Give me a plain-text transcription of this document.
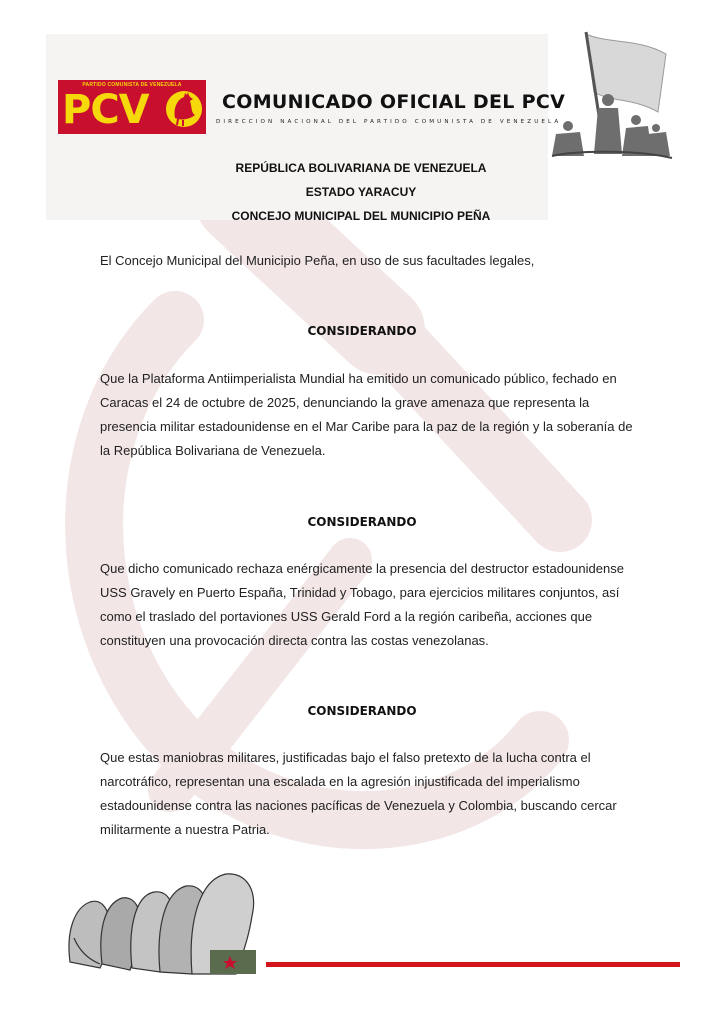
PARTIDO COMUNISTA DE VENEZUELA
PCV	COMUNICADO OFICIAL DEL PCV
DIRECCION NACIONAL DEL PARTIDO COMUNISTA DE VENEZUELA
REPÚBLICA BOLIVARIANA DE VENEZUELA
ESTADO YARACUY
CONCEJO MUNICIPAL DEL MUNICIPIO PEÑA

El Concejo Municipal del Municipio Peña, en uso de sus facultades legales,

CONSIDERANDO

Que la Plataforma Antiimperialista Mundial ha emitido un comunicado público, fechado en Caracas el 24 de octubre de 2025, denunciando la grave amenaza que representa la presencia militar estadounidense en el Mar Caribe para la paz de la región y la soberanía de la República Bolivariana de Venezuela.

CONSIDERANDO

Que dicho comunicado rechaza enérgicamente la presencia del destructor estadounidense USS Gravely en Puerto España, Trinidad y Tobago, para ejercicios militares conjuntos, así como el traslado del portaviones USS Gerald Ford a la región caribeña, acciones que constituyen una provocación directa contra las costas venezolanas.

CONSIDERANDO

Que estas maniobras militares, justificadas bajo el falso pretexto de la lucha contra el narcotráfico, representan una escalada en la agresión injustificada del imperialismo estadounidense contra las naciones pacíficas de Venezuela y Colombia, buscando cercar militarmente a nuestra Patria.
